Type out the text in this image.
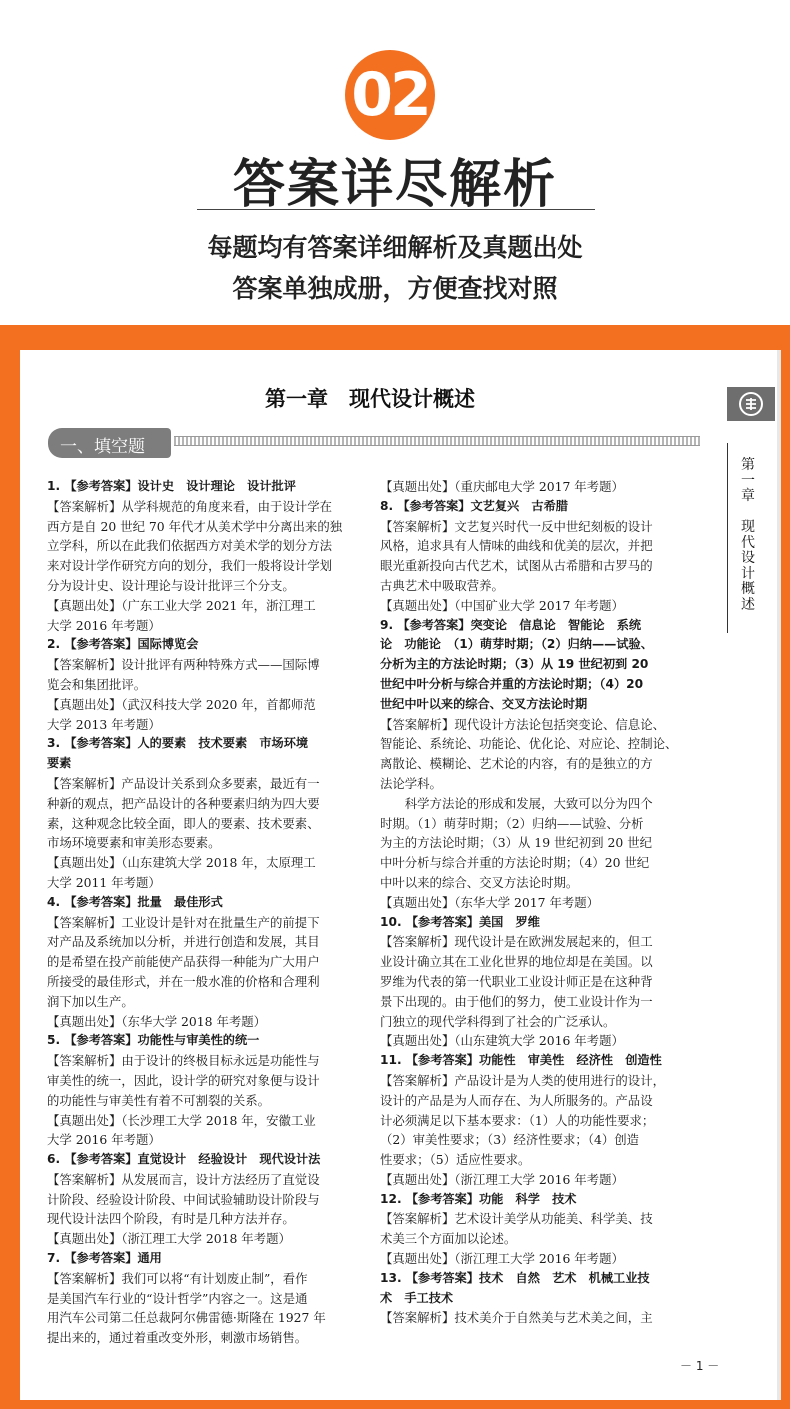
02
答案详尽解析
每题均有答案详细解析及真题出处
答案单独成册，方便查找对照
第一章　现代设计概述
一、填空题
第
一
章

现
代
设
计
概
述
1. 【参考答案】设计史　设计理论　设计批评
【答案解析】从学科规范的角度来看，由于设计学在
西方是自 20 世纪 70 年代才从美术学中分离出来的独
立学科，所以在此我们依据西方对美术学的划分方法
来对设计学作研究方向的划分，我们一般将设计学划
分为设计史、设计理论与设计批评三个分支。
【真题出处】（广东工业大学 2021 年，浙江理工
大学 2016 年考题）
2. 【参考答案】国际博览会
【答案解析】设计批评有两种特殊方式——国际博
览会和集团批评。
【真题出处】（武汉科技大学 2020 年，首都师范
大学 2013 年考题）
3. 【参考答案】人的要素　技术要素　市场环境
要素
【答案解析】产品设计关系到众多要素，最近有一
种新的观点，把产品设计的各种要素归纳为四大要
素，这种观念比较全面，即人的要素、技术要素、
市场环境要素和审美形态要素。
【真题出处】（山东建筑大学 2018 年，太原理工
大学 2011 年考题）
4. 【参考答案】批量　最佳形式
【答案解析】工业设计是针对在批量生产的前提下
对产品及系统加以分析，并进行创造和发展，其目
的是希望在投产前能使产品获得一种能为广大用户
所接受的最佳形式，并在一般水准的价格和合理利
润下加以生产。
【真题出处】（东华大学 2018 年考题）
5. 【参考答案】功能性与审美性的统一
【答案解析】由于设计的终极目标永远是功能性与
审美性的统一，因此，设计学的研究对象便与设计
的功能性与审美性有着不可割裂的关系。
【真题出处】（长沙理工大学 2018 年，安徽工业
大学 2016 年考题）
6. 【参考答案】直觉设计　经验设计　现代设计法
【答案解析】从发展而言，设计方法经历了直觉设
计阶段、经验设计阶段、中间试验辅助设计阶段与
现代设计法四个阶段，有时是几种方法并存。
【真题出处】（浙江理工大学 2018 年考题）
7. 【参考答案】通用
【答案解析】我们可以将“有计划废止制”，看作
是美国汽车行业的“设计哲学”内容之一。这是通
用汽车公司第二任总裁阿尔佛雷德·斯隆在 1927 年
提出来的，通过着重改变外形，刺激市场销售。
【真题出处】（重庆邮电大学 2017 年考题）
8. 【参考答案】文艺复兴　古希腊
【答案解析】文艺复兴时代一反中世纪刻板的设计
风格，追求具有人情味的曲线和优美的层次，并把
眼光重新投向古代艺术，试图从古希腊和古罗马的
古典艺术中吸取营养。
【真题出处】（中国矿业大学 2017 年考题）
9. 【参考答案】突变论　信息论　智能论　系统
论　功能论　（1）萌芽时期；（2）归纳——试验、
分析为主的方法论时期；（3）从 19 世纪初到 20
世纪中叶分析与综合并重的方法论时期；（4）20
世纪中叶以来的综合、交叉方法论时期
【答案解析】现代设计方法论包括突变论、信息论、
智能论、系统论、功能论、优化论、对应论、控制论、
离散论、模糊论、艺术论的内容，有的是独立的方
法论学科。
　　科学方法论的形成和发展，大致可以分为四个
时期。（1）萌芽时期；（2）归纳——试验、分析
为主的方法论时期；（3）从 19 世纪初到 20 世纪
中叶分析与综合并重的方法论时期；（4）20 世纪
中叶以来的综合、交叉方法论时期。
【真题出处】（东华大学 2017 年考题）
10. 【参考答案】美国　罗维
【答案解析】现代设计是在欧洲发展起来的，但工
业设计确立其在工业化世界的地位却是在美国。以
罗维为代表的第一代职业工业设计师正是在这种背
景下出现的。由于他们的努力，使工业设计作为一
门独立的现代学科得到了社会的广泛承认。
【真题出处】（山东建筑大学 2016 年考题）
11. 【参考答案】功能性　审美性　经济性　创造性
【答案解析】产品设计是为人类的使用进行的设计，
设计的产品是为人而存在、为人所服务的。产品设
计必须满足以下基本要求：（1）人的功能性要求；
（2）审美性要求；（3）经济性要求；（4）创造
性要求；（5）适应性要求。
【真题出处】（浙江理工大学 2016 年考题）
12. 【参考答案】功能　科学　技术
【答案解析】艺术设计美学从功能美、科学美、技
术美三个方面加以论述。
【真题出处】（浙江理工大学 2016 年考题）
13. 【参考答案】技术　自然　艺术　机械工业技
术　手工技术
【答案解析】技术美介于自然美与艺术美之间，主
－ 1 －
